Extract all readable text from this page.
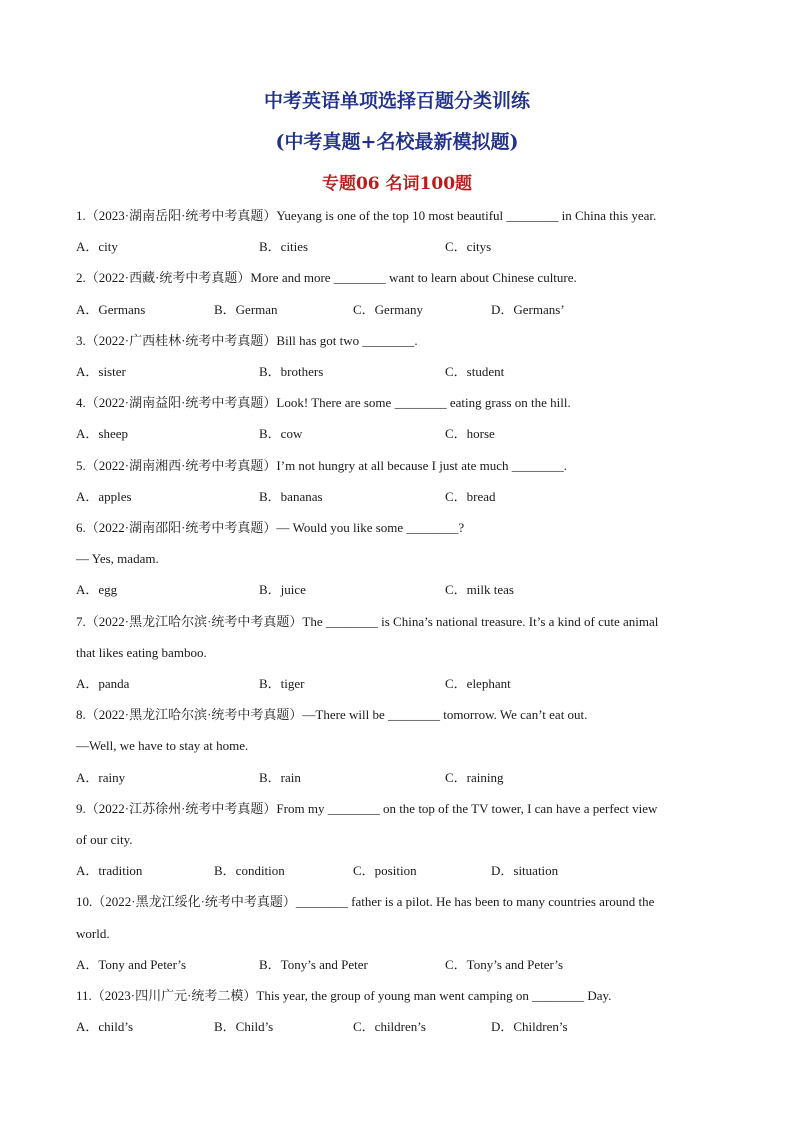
中考英语单项选择百题分类训练
(中考真题+名校最新模拟题)
专题06 名词100题
1.（2023·湖南岳阳·统考中考真题）Yueyang is one of the top 10 most beautiful ________ in China this year.
A．city	B．cities	C．citys
2.（2022·西藏·统考中考真题）More and more ________ want to learn about Chinese culture.
A．Germans	B．German	C．Germany	D．Germans’
3.（2022·广西桂林·统考中考真题）Bill has got two ________.
A．sister	B．brothers	C．student
4.（2022·湖南益阳·统考中考真题）Look! There are some ________ eating grass on the hill.
A．sheep	B．cow	C．horse
5.（2022·湖南湘西·统考中考真题）I’m not hungry at all because I just ate much ________.
A．apples	B．bananas	C．bread
6.（2022·湖南邵阳·统考中考真题）— Would you like some ________?
— Yes, madam.
A．egg	B．juice	C．milk teas
7.（2022·黑龙江哈尔滨·统考中考真题）The ________ is China’s national treasure. It’s a kind of cute animal
that likes eating bamboo.
A．panda	B．tiger	C．elephant
8.（2022·黑龙江哈尔滨·统考中考真题）—There will be ________ tomorrow. We can’t eat out.
—Well, we have to stay at home.
A．rainy	B．rain	C．raining
9.（2022·江苏徐州·统考中考真题）From my ________ on the top of the TV tower, I can have a perfect view
of our city.
A．tradition	B．condition	C．position	D．situation
10.（2022·黑龙江绥化·统考中考真题）________ father is a pilot. He has been to many countries around the
world.
A．Tony and Peter’s	B．Tony’s and Peter	C．Tony’s and Peter’s
11.（2023·四川广元·统考二模）This year, the group of young man went camping on ________ Day.
A．child’s	B．Child’s	C．children’s	D．Children’s
